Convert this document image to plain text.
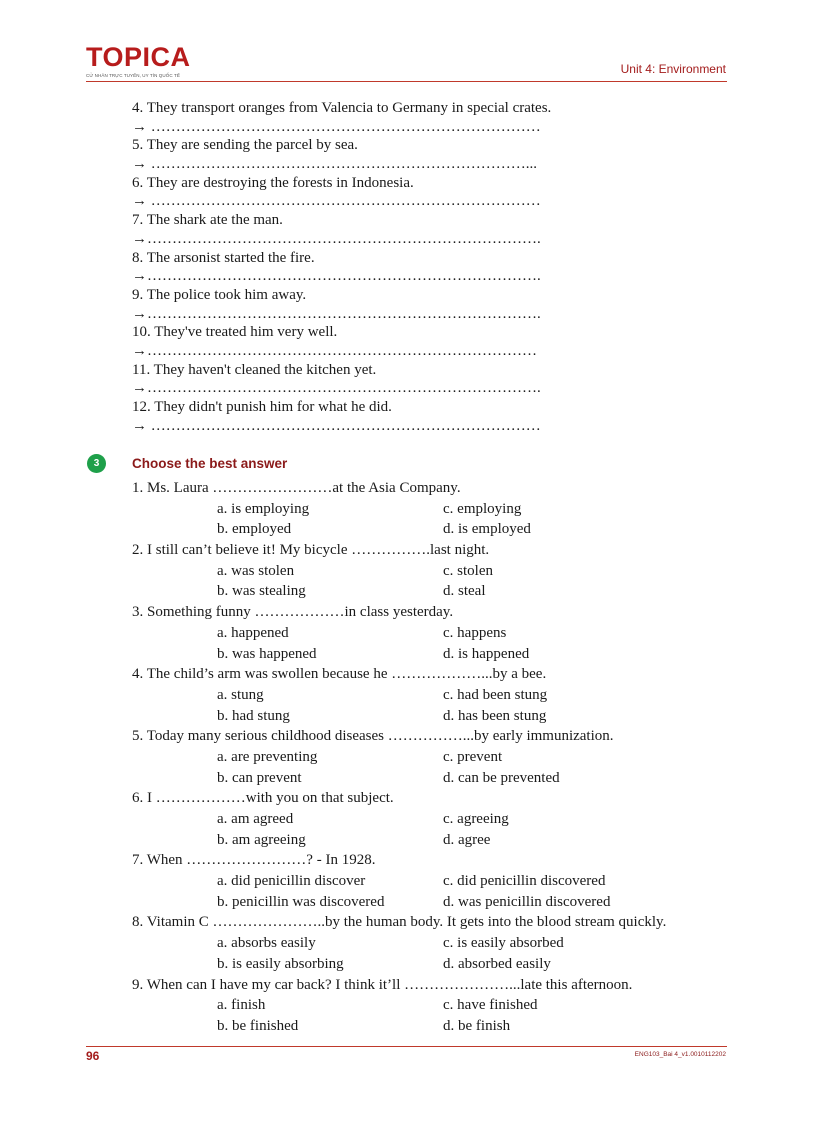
TOPICA
CỬ NHÂN TRỰC TUYẾN, UY TÍN QUỐC TẾ	Unit 4: Environment
4. They transport oranges from Valencia to Germany in special crates.
→ ……………………………………………………………………
5. They are sending the parcel by sea.
→ …………………………………………………………………...
6. They are destroying the forests in Indonesia.
→ ……………………………………………………………………
7. The shark ate the man.
→…………………………………………………………………….
8. The arsonist started the fire.
→…………………………………………………………………….
9. The police took him away.
→…………………………………………………………………….
10. They've treated him very well.
→……………………………………………………………………
11. They haven't cleaned the kitchen yet.
→…………………………………………………………………….
12. They didn't punish him for what he did.
→ ……………………………………………………………………
3	Choose the best answer
1. Ms. Laura ……………………at the Asia Company.
a. is employing	c. employing
b. employed	d. is employed
2. I still can’t believe it! My bicycle …………….last night.
a. was stolen	c. stolen
b. was stealing	d. steal
3. Something funny ………………in class yesterday.
a. happened	c. happens
b. was happened	d. is happened
4. The child’s arm was swollen because he ………………...by a bee.
a. stung	c. had been stung
b. had stung	d. has been stung
5. Today many serious childhood diseases ……………...by early immunization.
a. are preventing	c. prevent
b. can prevent	d. can be prevented
6. I ………………with you on that subject.
a. am agreed	c. agreeing
b. am agreeing	d. agree
7. When ……………………? - In 1928.
a. did penicillin discover	c. did penicillin discovered
b. penicillin was discovered	d. was penicillin discovered
8. Vitamin C …………………..by the human body. It gets into the blood stream quickly.
a. absorbs easily	c. is easily absorbed
b. is easily absorbing	d. absorbed easily
9. When can I have my car back? I think it’ll …………………...late this afternoon.
a. finish	c. have finished
b. be finished	d. be finish
96	ENG103_Bai 4_v1.0010112202
